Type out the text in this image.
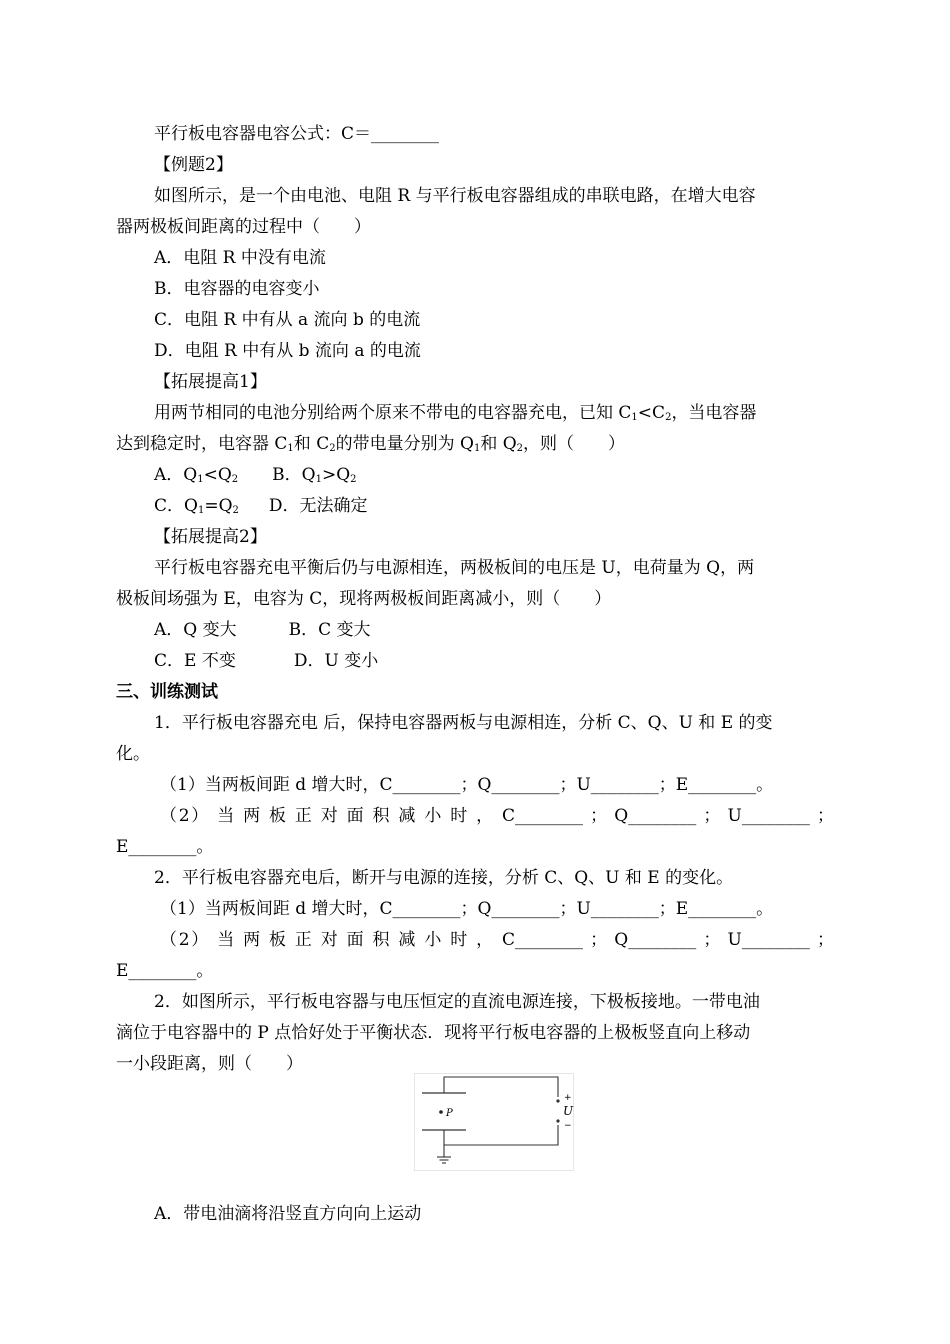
平行板电容器电容公式：C＝________
【例题2】
如图所示，是一个由电池、电阻 R 与平行板电容器组成的串联电路，在增大电容
器两极板间距离的过程中（　　）
A．电阻 R 中没有电流
B．电容器的电容变小
C．电阻 R 中有从 a 流向 b 的电流
D．电阻 R 中有从 b 流向 a 的电流
【拓展提高1】
用两节相同的电池分别给两个原来不带电的电容器充电，已知 $C_1<C_2$，当电容器
达到稳定时，电容器 $C_1$和 $C_2$的带电量分别为 $Q_1$和 $Q_2$，则（　　）
A．$Q_1<Q_2$ B．$Q_1>Q_2$
C．$Q_1=Q_2$ D．无法确定
【拓展提高2】
平行板电容器充电平衡后仍与电源相连，两极板间的电压是 U，电荷量为 Q，两
极板间场强为 E，电容为 C，现将两极板间距离减小，则（　　）
A．Q 变大	B．C 变大
C．E 不变	D．U 变小
三、训练测试
1．平行板电容器充电 后，保持电容器两板与电源相连，分析 C、Q、U 和 E 的变
化。
（1）当两板间距 d 增大时，C________；Q________；U________；E________。
（2） 当 两 板 正 对 面 积 减 小 时 ， C________ ； Q________ ； U________ ；
E________。
2．平行板电容器充电后，断开与电源的连接，分析 C、Q、U 和 E 的变化。
（1）当两板间距 d 增大时，C________；Q________；U________；E________。
（2） 当 两 板 正 对 面 积 减 小 时 ， C________ ； Q________ ； U________ ；
E________。
2．如图所示，平行板电容器与电压恒定的直流电源连接，下极板接地。一带电油
滴位于电容器中的 P 点恰好处于平衡状态．现将平行板电容器的上极板竖直向上移动
一小段距离，则（　　）
+
U
−
P
A．带电油滴将沿竖直方向向上运动
